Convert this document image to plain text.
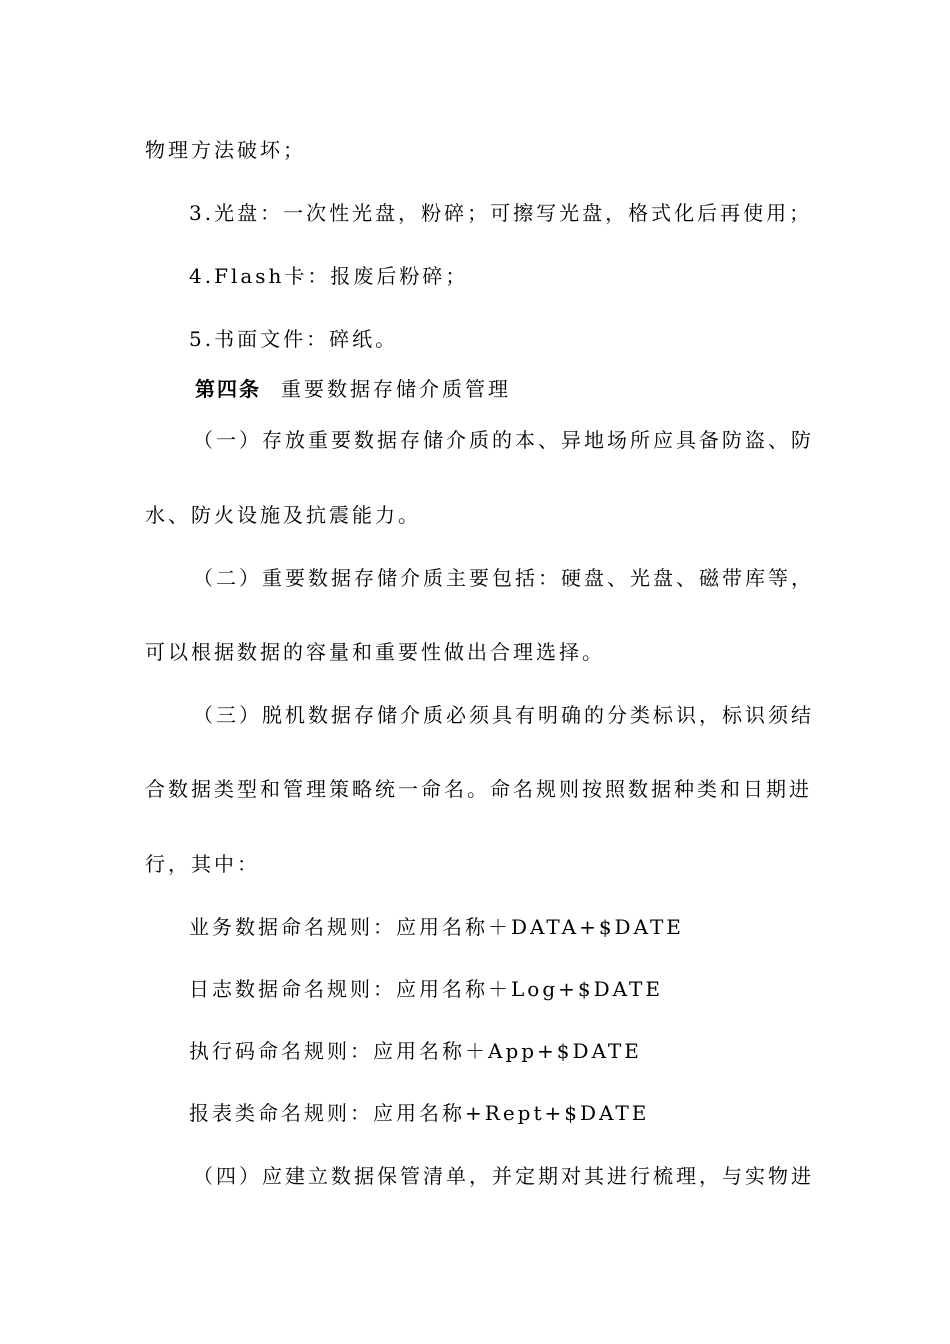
物理方法破坏；
3.光盘：一次性光盘，粉碎；可擦写光盘，格式化后再使用；
4.Flash卡：报废后粉碎；
5.书面文件：碎纸。
第四条 重要数据存储介质管理
（一）存放重要数据存储介质的本、异地场所应具备防盗、防
水、防火设施及抗震能力。
（二）重要数据存储介质主要包括：硬盘、光盘、磁带库等，
可以根据数据的容量和重要性做出合理选择。
（三）脱机数据存储介质必须具有明确的分类标识，标识须结
合数据类型和管理策略统一命名。命名规则按照数据种类和日期进
行，其中：
业务数据命名规则：应用名称＋DATA+$DATE
日志数据命名规则：应用名称＋Log+$DATE
执行码命名规则：应用名称＋App+$DATE
报表类命名规则：应用名称+Rept+$DATE
（四）应建立数据保管清单，并定期对其进行梳理，与实物进
